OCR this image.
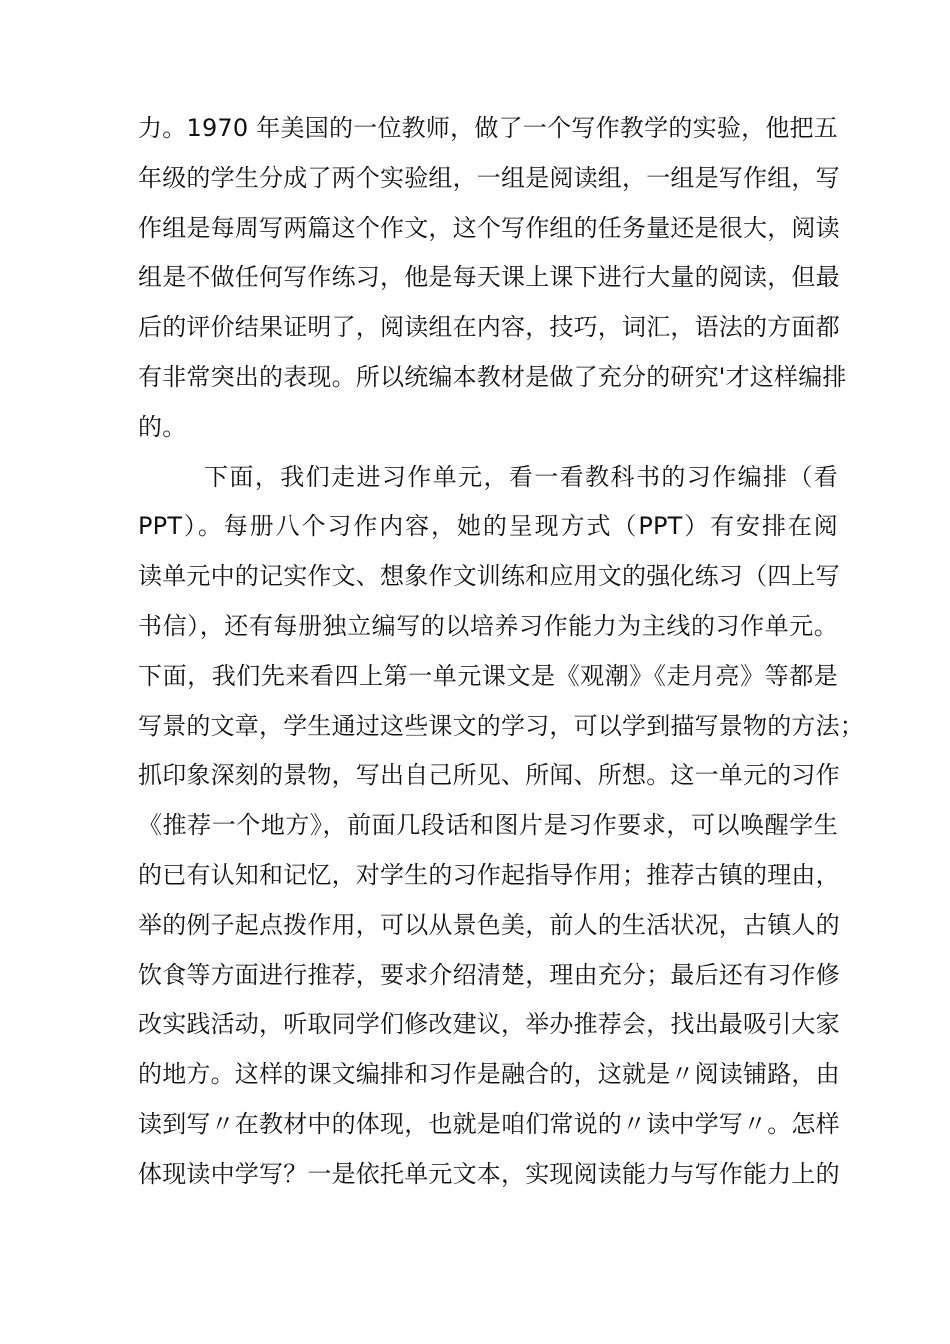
力。1970 年美国的一位教师，做了一个写作教学的实验，他把五
年级的学生分成了两个实验组，一组是阅读组，一组是写作组，写
作组是每周写两篇这个作文，这个写作组的任务量还是很大，阅读
组是不做任何写作练习，他是每天课上课下进行大量的阅读，但最
后的评价结果证明了，阅读组在内容，技巧，词汇，语法的方面都
有非常突出的表现。所以统编本教材是做了充分的研究'才这样编排
的。
下面，我们走进习作单元，看一看教科书的习作编排（看
PPT）。每册八个习作内容，她的呈现方式（PPT）有安排在阅
读单元中的记实作文、想象作文训练和应用文的强化练习（四上写
书信），还有每册独立编写的以培养习作能力为主线的习作单元。
下面，我们先来看四上第一单元课文是《观潮》《走月亮》等都是
写景的文章，学生通过这些课文的学习，可以学到描写景物的方法；
抓印象深刻的景物，写出自己所见、所闻、所想。这一单元的习作
《推荐一个地方》，前面几段话和图片是习作要求，可以唤醒学生
的已有认知和记忆，对学生的习作起指导作用；推荐古镇的理由，
举的例子起点拨作用，可以从景色美，前人的生活状况，古镇人的
饮食等方面进行推荐，要求介绍清楚，理由充分；最后还有习作修
改实践活动，听取同学们修改建议，举办推荐会，找出最吸引大家
的地方。这样的课文编排和习作是融合的，这就是〃阅读铺路，由
读到写〃在教材中的体现，也就是咱们常说的〃读中学写〃。怎样
体现读中学写？一是依托单元文本，实现阅读能力与写作能力上的
